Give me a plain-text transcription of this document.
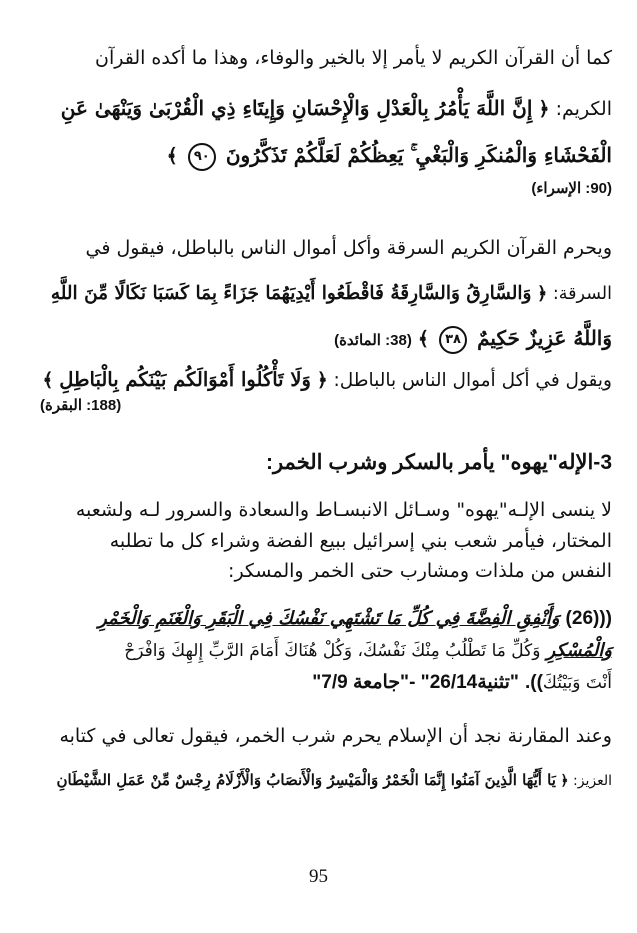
كما أن القرآن الكريم لا يأمر إلا بالخير والوفاء، وهذا ما أكده القرآن
الكريم: ﴿ إِنَّ اللَّهَ يَأْمُرُ بِالْعَدْلِ وَالْإِحْسَانِ وَإِيتَاءِ ذِي الْقُرْبَىٰ وَيَنْهَىٰ عَنِ
الْفَحْشَاءِ وَالْمُنكَرِ وَالْبَغْيِ ۚ يَعِظُكُمْ لَعَلَّكُمْ تَذَكَّرُونَ ٩٠ ﴾
(90: الإسراء)
ويحرم القرآن الكريم السرقة وأكل أموال الناس بالباطل، فيقول في
السرقة: ﴿ وَالسَّارِقُ وَالسَّارِقَةُ فَاقْطَعُوا أَيْدِيَهُمَا جَزَاءً بِمَا كَسَبَا نَكَالًا مِّنَ اللَّهِ
وَاللَّهُ عَزِيزٌ حَكِيمٌ ٣٨ ﴾ (38: المائدة)
ويقول في أكل أموال الناس بالباطل: ﴿ وَلَا تَأْكُلُوا أَمْوَالَكُم بَيْنَكُم بِالْبَاطِلِ ﴾
(188: البقرة)
3-الإله"يهوه" يأمر بالسكر وشرب الخمر:
لا ينسى الإلـه"يهوه" وسـائل الانبسـاط والسعادة والسرور لـه ولشعبه
المختار، فيأمر شعب بني إسرائيل ببيع الفضة وشراء كل ما تطلبه
النفس من ملذات ومشارب حتى الخمر والمسكر:
(((26) وَأَنْفِقِ الْفِضَّةَ فِي كُلِّ مَا تَشْتَهِي نَفْسُكَ فِي الْبَقَرِ وَالْغَنَمِ وَالْخَمْرِ
وَالْمُسْكِرِ وَكُلِّ مَا تَطْلُبُ مِنْكَ نَفْسُكَ، وَكُلْ هُنَاكَ أَمَامَ الرَّبِّ إِلهِكَ وَافْرَحْ
أَنْتَ وَبَيْتُكَ)). "تثنية26/14" -"جامعة 7/9"
وعند المقارنة نجد أن الإسلام يحرم شرب الخمر، فيقول تعالى في كتابه
العزيز: ﴿ يَا أَيُّهَا الَّذِينَ آمَنُوا إِنَّمَا الْخَمْرُ وَالْمَيْسِرُ وَالْأَنصَابُ وَالْأَزْلَامُ رِجْسٌ مِّنْ عَمَلِ الشَّيْطَانِ
95
